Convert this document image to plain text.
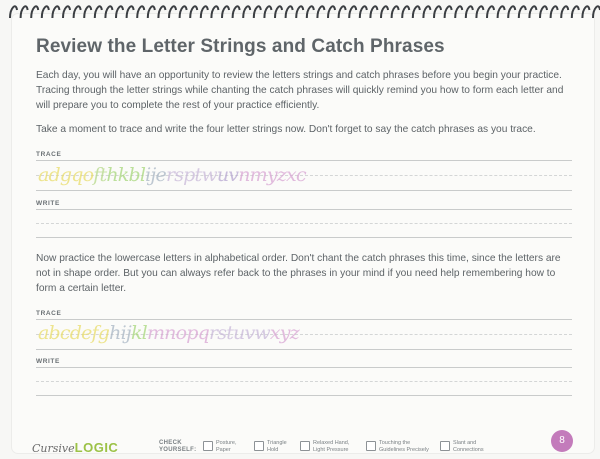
Review the Letter Strings and Catch Phrases

Each day, you will have an opportunity to review the letters strings and catch phrases before you begin your practice. Tracing through the letter strings while chanting the catch phrases will quickly remind you how to form each letter and will prepare you to complete the rest of your practice efficiently.

Take a moment to trace and write the four letter strings now. Don't forget to say the catch phrases as you trace.

TRACE
adgqofthkblijersptwuvnmyzxc
WRITE

Now practice the lowercase letters in alphabetical order. Don't chant the catch phrases this time, since the letters are not in shape order. But you can always refer back to the phrases in your mind if you need help remembering how to form a certain letter.

TRACE
abcdefghijklmnopqrstuvwxyz
WRITE
CursiveLOGIC	CHECK
YOURSELF:
Posture,
Paper
Triangle
Hold
Relaxed Hand,
Light Pressure
Touching the
Guidelines Precisely
Slant and
Connections
8
